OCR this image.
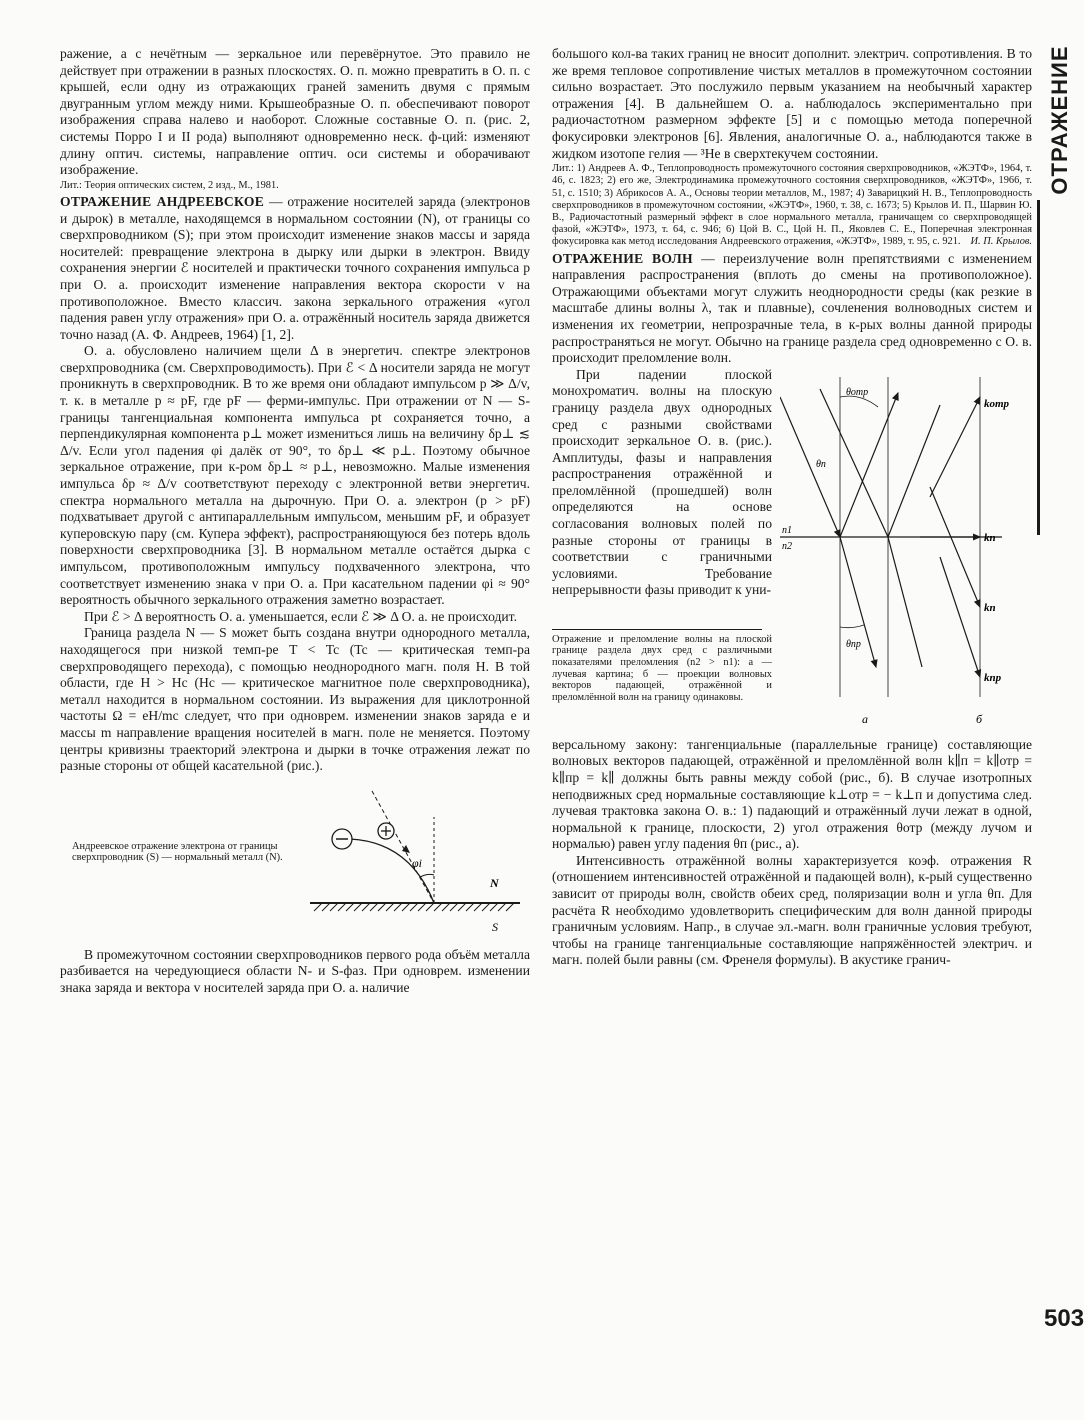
ОТРАЖЕНИЕ
503

ражение, а с нечётным — зеркальное или перевёрнутое. Это правило не действует при отражении в разных плоскостях. О. п. можно превратить в О. п. с крышей, если одну из отражающих граней заменить двумя с прямым двугранным углом между ними. Крышеобразные О. п. обеспечивают поворот изображения справа налево и наоборот. Сложные составные О. п. (рис. 2, системы Порро I и II рода) выполняют одновременно неск. ф-ций: изменяют длину оптич. системы, направление оптич. оси системы и оборачивают изображение.

Лит.: Теория оптических систем, 2 изд., М., 1981.

ОТРАЖЕНИЕ АНДРЕЕВСКОЕ — отражение носителей заряда (электронов и дырок) в металле, находящемся в нормальном состоянии (N), от границы со сверхпроводником (S); при этом происходит изменение знаков массы и заряда носителей: превращение электрона в дырку или дырки в электрон. Ввиду сохранения энергии ℰ носителей и практически точного сохранения импульса p при О. а. происходит изменение направления вектора скорости v на противоположное. Вместо классич. закона зеркального отражения «угол падения равен углу отражения» при О. а. отражённый носитель заряда движется точно назад (А. Ф. Андреев, 1964) [1, 2].

О. а. обусловлено наличием щели Δ в энергетич. спектре электронов сверхпроводника (см. Сверхпроводимость). При ℰ < Δ носители заряда не могут проникнуть в сверхпроводник. В то же время они обладают импульсом p ≫ Δ/v, т. к. в металле p ≈ pF, где pF — ферми-импульс. При отражении от N — S-границы тангенциальная компонента импульса pt сохраняется точно, а перпендикулярная компонента p⊥ может измениться лишь на величину δp⊥ ≲ Δ/v. Если угол падения φi далёк от 90°, то δp⊥ ≪ p⊥. Поэтому обычное зеркальное отражение, при к-ром δp⊥ ≈ p⊥, невозможно. Малые изменения импульса δp ≈ Δ/v соответствуют переходу с электронной ветви энергетич. спектра нормального металла на дырочную. При О. а. электрон (p > pF) подхватывает другой с антипараллельным импульсом, меньшим pF, и образует куперовскую пару (см. Купера эффект), распространяющуюся без потерь вдоль поверхности сверхпроводника [3]. В нормальном металле остаётся дырка с импульсом, противоположным импульсу подхваченного электрона, что соответствует изменению знака v при О. а. При касательном падении φi ≈ 90° вероятность обычного зеркального отражения заметно возрастает.

При ℰ > Δ вероятность О. а. уменьшается, если ℰ ≫ Δ О. а. не происходит.

Граница раздела N — S может быть создана внутри однородного металла, находящегося при низкой темп-ре T < Tc (Tc — критическая темп-ра сверхпроводящего перехода), с помощью неоднородного магн. поля H. В той области, где H > Hc (Hc — критическое магнитное поле сверхпроводника), металл находится в нормальном состоянии. Из выражения для циклотронной частоты Ω = eH/mc следует, что при одноврем. изменении знаков заряда e и массы m направление вращения носителей в магн. поле не меняется. Поэтому центры кривизны траекторий электрона и дырки в точке отражения лежат по разные стороны от общей касательной (рис.).

Андреевское отражение электрона от границы сверхпроводник (S) — нормальный металл (N).	φi
N
S

В промежуточном состоянии сверхпроводников первого рода объём металла разбивается на чередующиеся области N- и S-фаз. При одноврем. изменении знака заряда и вектора v носителей заряда при О. а. наличие

большого кол-ва таких границ не вносит дополнит. электрич. сопротивления. В то же время тепловое сопротивление чистых металлов в промежуточном состоянии сильно возрастает. Это послужило первым указанием на необычный характер отражения [4]. В дальнейшем О. а. наблюдалось экспериментально при радиочастотном размерном эффекте [5] и с помощью метода поперечной фокусировки электронов [6]. Явления, аналогичные О. а., наблюдаются также в жидком изотопе гелия — ³He в сверхтекучем состоянии.

Лит.: 1) Андреев А. Ф., Теплопроводность промежуточного состояния сверхпроводников, «ЖЭТФ», 1964, т. 46, с. 1823; 2) его же, Электродинамика промежуточного состояния сверхпроводников, «ЖЭТФ», 1966, т. 51, с. 1510; 3) Абрикосов А. А., Основы теории металлов, М., 1987; 4) Заварицкий Н. В., Теплопроводность сверхпроводников в промежуточном состоянии, «ЖЭТФ», 1960, т. 38, с. 1673; 5) Крылов И. П., Шарвин Ю. В., Радиочастотный размерный эффект в слое нормального металла, граничащем со сверхпроводящей фазой, «ЖЭТФ», 1973, т. 64, с. 946; 6) Цой В. С., Цой Н. П., Яковлев С. Е., Поперечная электронная фокусировка как метод исследования Андреевского отражения, «ЖЭТФ», 1989, т. 95, с. 921. И. П. Крылов.

ОТРАЖЕНИЕ ВОЛН — переизлучение волн препятствиями с изменением направления распространения (вплоть до смены на противоположное). Отражающими объектами могут служить неоднородности среды (как резкие в масштабе длины волны λ, так и плавные), сочленения волноводных систем и изменения их геометрии, непрозрачные тела, в к-рых волны данной природы распространяться не могут. Обычно на границе раздела сред одновременно с О. в. происходит преломление волн.

При падении плоской монохроматич. волны на плоскую границу раздела двух однородных сред с разными свойствами происходит зеркальное О. в. (рис.). Амплитуды, фазы и направления распространения отражённой и преломлённой (прошедшей) волн определяются на основе согласования волновых полей по разные стороны от границы в соответствии с граничными условиями. Требование непрерывности фазы приводит к уни-

Отражение и преломление волны на плоской границе раздела двух сред с различными показателями преломления (n2 > n1): а — лучевая картина; б — проекции волновых векторов падающей, отражённой и преломлённой волн на границу одинаковы.
n1
n2
θотр
θп
θпр
kотр
kп
kп
kпр
а	б

версальному закону: тангенциальные (параллельные границе) составляющие волновых векторов падающей, отражённой и преломлённой волн k∥п = k∥отр = k∥пр = k∥ должны быть равны между собой (рис., б). В случае изотропных неподвижных сред нормальные составляющие k⊥отр = − k⊥п и допустима след. лучевая трактовка закона О. в.: 1) падающий и отражённый лучи лежат в одной, нормальной к границе, плоскости, 2) угол отражения θотр (между лучом и нормалью) равен углу падения θп (рис., а).

Интенсивность отражённой волны характеризуется коэф. отражения R (отношением интенсивностей отражённой и падающей волн), к-рый существенно зависит от природы волн, свойств обеих сред, поляризации волн и угла θп. Для расчёта R необходимо удовлетворить специфическим для волн данной природы граничным условиям. Напр., в случае эл.-магн. волн граничные условия требуют, чтобы на границе тангенциальные составляющие напряжённостей электрич. и магн. полей были равны (см. Френеля формулы). В акустике гранич-
